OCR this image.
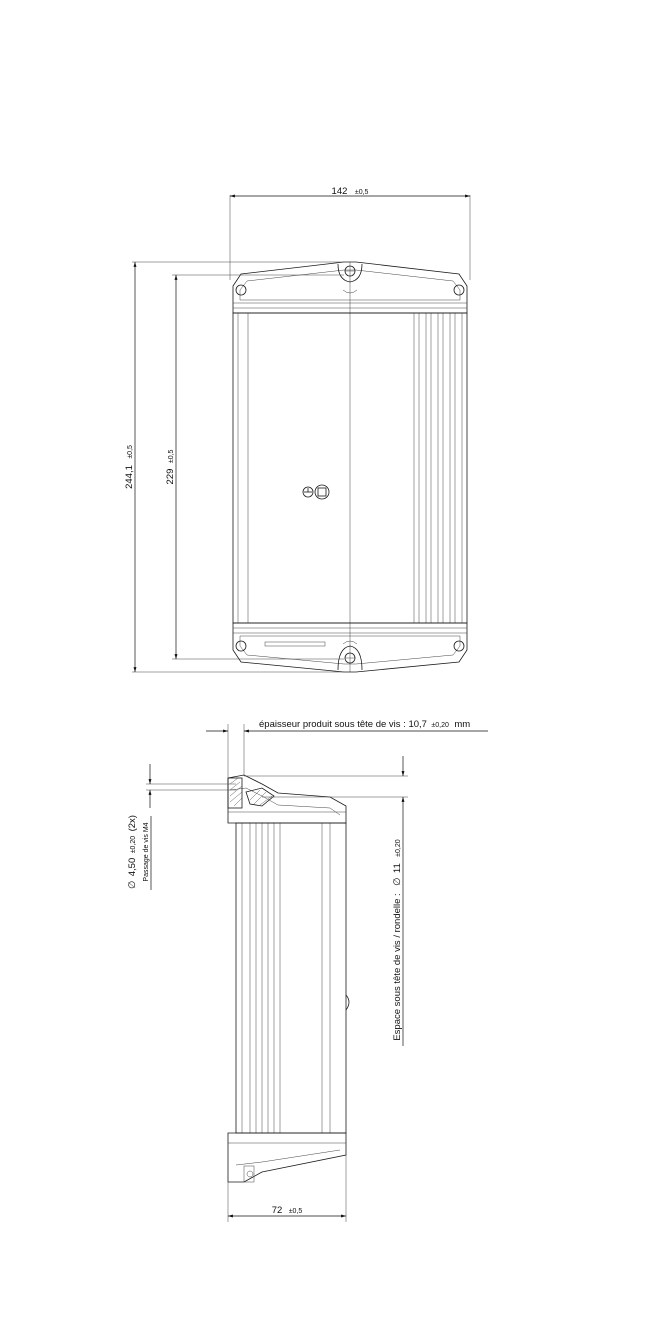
142 ±0,5
244,1 ±0,5
229 ±0,5
épaisseur produit sous tête de vis : 10,7 ±0,20 mm
∅ 4,50 ±0,20 (2x) Passage de vis M4
Espace sous tête de vis / rondelle : ∅ 11 ±0,20
72 ±0,5
